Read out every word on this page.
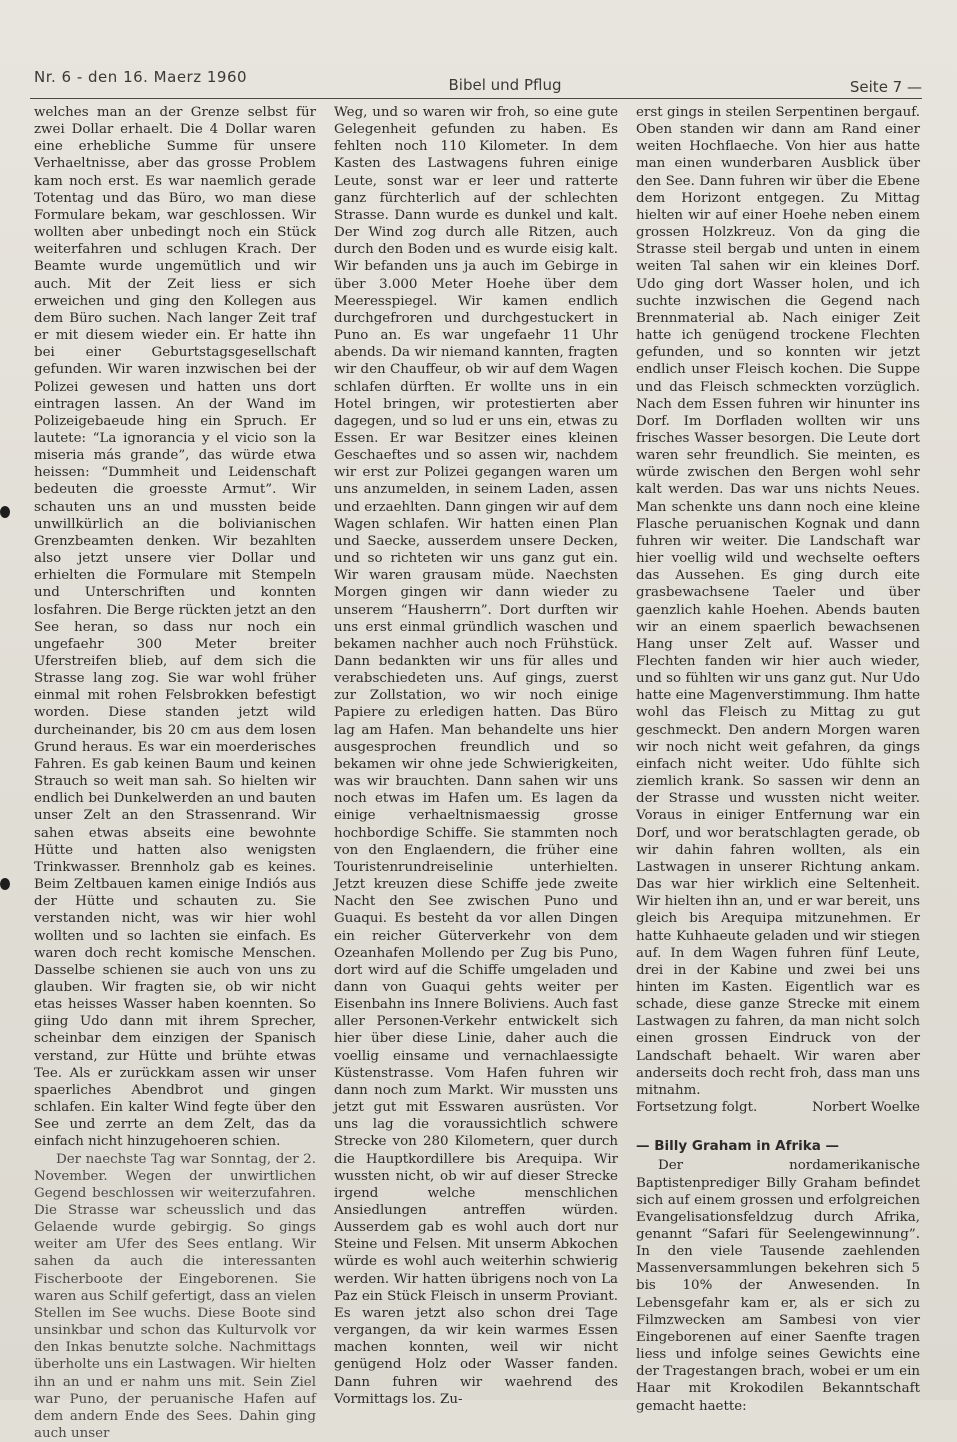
Nr. 6 - den 16. Maerz 1960	Bibel und Pflug	Seite 7 —

welches man an der Grenze selbst für zwei Dollar erhaelt. Die 4 Dollar waren eine erhebliche Summe für unsere Verhaeltnisse, aber das grosse Problem kam noch erst. Es war naemlich gerade Totentag und das Büro, wo man diese Formulare bekam, war geschlossen. Wir wollten aber unbedingt noch ein Stück weiterfahren und schlugen Krach. Der Beamte wurde ungemütlich und wir auch. Mit der Zeit liess er sich erweichen und ging den Kollegen aus dem Büro suchen. Nach langer Zeit traf er mit diesem wieder ein. Er hatte ihn bei einer Geburtstagsgesellschaft gefunden. Wir waren inzwischen bei der Polizei gewesen und hatten uns dort eintragen lassen. An der Wand im Polizeigebaeude hing ein Spruch. Er lautete: “La ignorancia y el vicio son la miseria más grande”, das würde etwa heissen: “Dummheit und Leidenschaft bedeuten die groesste Armut”. Wir schauten uns an und mussten beide unwillkürlich an die bolivianischen Grenzbeamten denken. Wir bezahlten also jetzt unsere vier Dollar und erhielten die Formulare mit Stempeln und Unterschriften und konnten losfahren. Die Berge rückten jetzt an den See heran, so dass nur noch ein ungefaehr 300 Meter breiter Uferstreifen blieb, auf dem sich die Strasse lang zog. Sie war wohl früher einmal mit rohen Felsbrokken befestigt worden. Diese standen jetzt wild durcheinander, bis 20 cm aus dem losen Grund heraus. Es war ein moerderisches Fahren. Es gab keinen Baum und keinen Strauch so weit man sah. So hielten wir endlich bei Dunkelwerden an und bauten unser Zelt an den Strassenrand. Wir sahen etwas abseits eine bewohnte Hütte und hatten also wenigsten Trinkwasser. Brennholz gab es keines. Beim Zeltbauen kamen einige Indiós aus der Hütte und schauten zu. Sie verstanden nicht, was wir hier wohl wollten und so lachten sie einfach. Es waren doch recht komische Menschen. Dasselbe schienen sie auch von uns zu glauben. Wir fragten sie, ob wir nicht etas heisses Wasser haben koennten. So giing Udo dann mit ihrem Sprecher, scheinbar dem einzigen der Spanisch verstand, zur Hütte und brühte etwas Tee. Als er zurückkam assen wir unser spaerliches Abendbrot und gingen schlafen. Ein kalter Wind fegte über den See und zerrte an dem Zelt, das da einfach nicht hinzugehoeren schien.

Der naechste Tag war Sonntag, der 2. November. Wegen der unwirtlichen Gegend beschlossen wir weiterzufahren. Die Strasse war scheusslich und das Gelaende wurde gebirgig. So gings weiter am Ufer des Sees entlang. Wir sahen da auch die interessanten Fischerboote der Eingeborenen. Sie waren aus Schilf gefertigt, dass an vielen Stellen im See wuchs. Diese Boote sind unsinkbar und schon das Kulturvolk vor den Inkas benutzte solche. Nachmittags überholte uns ein Lastwagen. Wir hielten ihn an und er nahm uns mit. Sein Ziel war Puno, der peruanische Hafen auf dem andern Ende des Sees. Dahin ging auch unser

Weg, und so waren wir froh, so eine gute Gelegenheit gefunden zu haben. Es fehlten noch 110 Kilometer. In dem Kasten des Lastwagens fuhren einige Leute, sonst war er leer und ratterte ganz fürchterlich auf der schlechten Strasse. Dann wurde es dunkel und kalt. Der Wind zog durch alle Ritzen, auch durch den Boden und es wurde eisig kalt. Wir befanden uns ja auch im Gebirge in über 3.000 Meter Hoehe über dem Meeresspiegel. Wir kamen endlich durchgefroren und durchgestuckert in Puno an. Es war ungefaehr 11 Uhr abends. Da wir niemand kannten, fragten wir den Chauffeur, ob wir auf dem Wagen schlafen dürften. Er wollte uns in ein Hotel bringen, wir protestierten aber dagegen, und so lud er uns ein, etwas zu Essen. Er war Besitzer eines kleinen Geschaeftes und so assen wir, nachdem wir erst zur Polizei gegangen waren um uns anzumelden, in seinem Laden, assen und erzaehlten. Dann gingen wir auf dem Wagen schlafen. Wir hatten einen Plan und Saecke, ausserdem unsere Decken, und so richteten wir uns ganz gut ein. Wir waren grausam müde. Naechsten Morgen gingen wir dann wieder zu unserem “Hausherrn”. Dort durften wir uns erst einmal gründlich waschen und bekamen nachher auch noch Frühstück. Dann bedankten wir uns für alles und verabschiedeten uns. Auf gings, zuerst zur Zollstation, wo wir noch einige Papiere zu erledigen hatten. Das Büro lag am Hafen. Man behandelte uns hier ausgesprochen freundlich und so bekamen wir ohne jede Schwierigkeiten, was wir brauchten. Dann sahen wir uns noch etwas im Hafen um. Es lagen da einige verhaeltnismaessig grosse hochbordige Schiffe. Sie stammten noch von den Englaendern, die früher eine Touristenrundreiselinie unterhielten. Jetzt kreuzen diese Schiffe jede zweite Nacht den See zwischen Puno und Guaqui. Es besteht da vor allen Dingen ein reicher Güterverkehr von dem Ozeanhafen Mollendo per Zug bis Puno, dort wird auf die Schiffe umgeladen und dann von Guaqui gehts weiter per Eisenbahn ins Innere Boliviens. Auch fast aller Personen-Verkehr entwickelt sich hier über diese Linie, daher auch die voellig einsame und vernachlaessigte Küstenstrasse. Vom Hafen fuhren wir dann noch zum Markt. Wir mussten uns jetzt gut mit Esswaren ausrüsten. Vor uns lag die voraussichtlich schwere Strecke von 280 Kilometern, quer durch die Hauptkordillere bis Arequipa. Wir wussten nicht, ob wir auf dieser Strecke irgend welche menschlichen Ansiedlungen antreffen würden. Ausserdem gab es wohl auch dort nur Steine und Felsen. Mit unserm Abkochen würde es wohl auch weiterhin schwierig werden. Wir hatten übrigens noch von La Paz ein Stück Fleisch in unserm Proviant. Es waren jetzt also schon drei Tage vergangen, da wir kein warmes Essen machen konnten, weil wir nicht genügend Holz oder Wasser fanden. Dann fuhren wir waehrend des Vormittags los. Zu-

erst gings in steilen Serpentinen bergauf. Oben standen wir dann am Rand einer weiten Hochflaeche. Von hier aus hatte man einen wunderbaren Ausblick über den See. Dann fuhren wir über die Ebene dem Horizont entgegen. Zu Mittag hielten wir auf einer Hoehe neben einem grossen Holzkreuz. Von da ging die Strasse steil bergab und unten in einem weiten Tal sahen wir ein kleines Dorf. Udo ging dort Wasser holen, und ich suchte inzwischen die Gegend nach Brennmaterial ab. Nach einiger Zeit hatte ich genügend trockene Flechten gefunden, und so konnten wir jetzt endlich unser Fleisch kochen. Die Suppe und das Fleisch schmeckten vorzüglich. Nach dem Essen fuhren wir hinunter ins Dorf. Im Dorfladen wollten wir uns frisches Wasser besorgen. Die Leute dort waren sehr freundlich. Sie meinten, es würde zwischen den Bergen wohl sehr kalt werden. Das war uns nichts Neues. Man schenkte uns dann noch eine kleine Flasche peruanischen Kognak und dann fuhren wir weiter. Die Landschaft war hier voellig wild und wechselte oefters das Aussehen. Es ging durch eite grasbewachsene Taeler und über gaenzlich kahle Hoehen. Abends bauten wir an einem spaerlich bewachsenen Hang unser Zelt auf. Wasser und Flechten fanden wir hier auch wieder, und so fühlten wir uns ganz gut. Nur Udo hatte eine Magenverstimmung. Ihm hatte wohl das Fleisch zu Mittag zu gut geschmeckt. Den andern Morgen waren wir noch nicht weit gefahren, da gings einfach nicht weiter. Udo fühlte sich ziemlich krank. So sassen wir denn an der Strasse und wussten nicht weiter. Voraus in einiger Entfernung war ein Dorf, und wor beratschlagten gerade, ob wir dahin fahren wollten, als ein Lastwagen in unserer Richtung ankam. Das war hier wirklich eine Seltenheit. Wir hielten ihn an, und er war bereit, uns gleich bis Arequipa mitzunehmen. Er hatte Kuhhaeute geladen und wir stiegen auf. In dem Wagen fuhren fünf Leute, drei in der Kabine und zwei bei uns hinten im Kasten. Eigentlich war es schade, diese ganze Strecke mit einem Lastwagen zu fahren, da man nicht solch einen grossen Eindruck von der Landschaft behaelt. Wir waren aber anderseits doch recht froh, dass man uns mitnahm.

Fortsetzung folgt.	Norbert Woelke
— Billy Graham in Afrika —

Der nordamerikanische Baptistenprediger Billy Graham befindet sich auf einem grossen und erfolgreichen Evangelisationsfeldzug durch Afrika, genannt “Safari für Seelengewinnung”. In den viele Tausende zaehlenden Massenversammlungen bekehren sich 5 bis 10% der Anwesenden. In Lebensgefahr kam er, als er sich zu Filmzwecken am Sambesi von vier Eingeborenen auf einer Saenfte tragen liess und infolge seines Gewichts eine der Tragestangen brach, wobei er um ein Haar mit Krokodilen Bekanntschaft gemacht haette:
